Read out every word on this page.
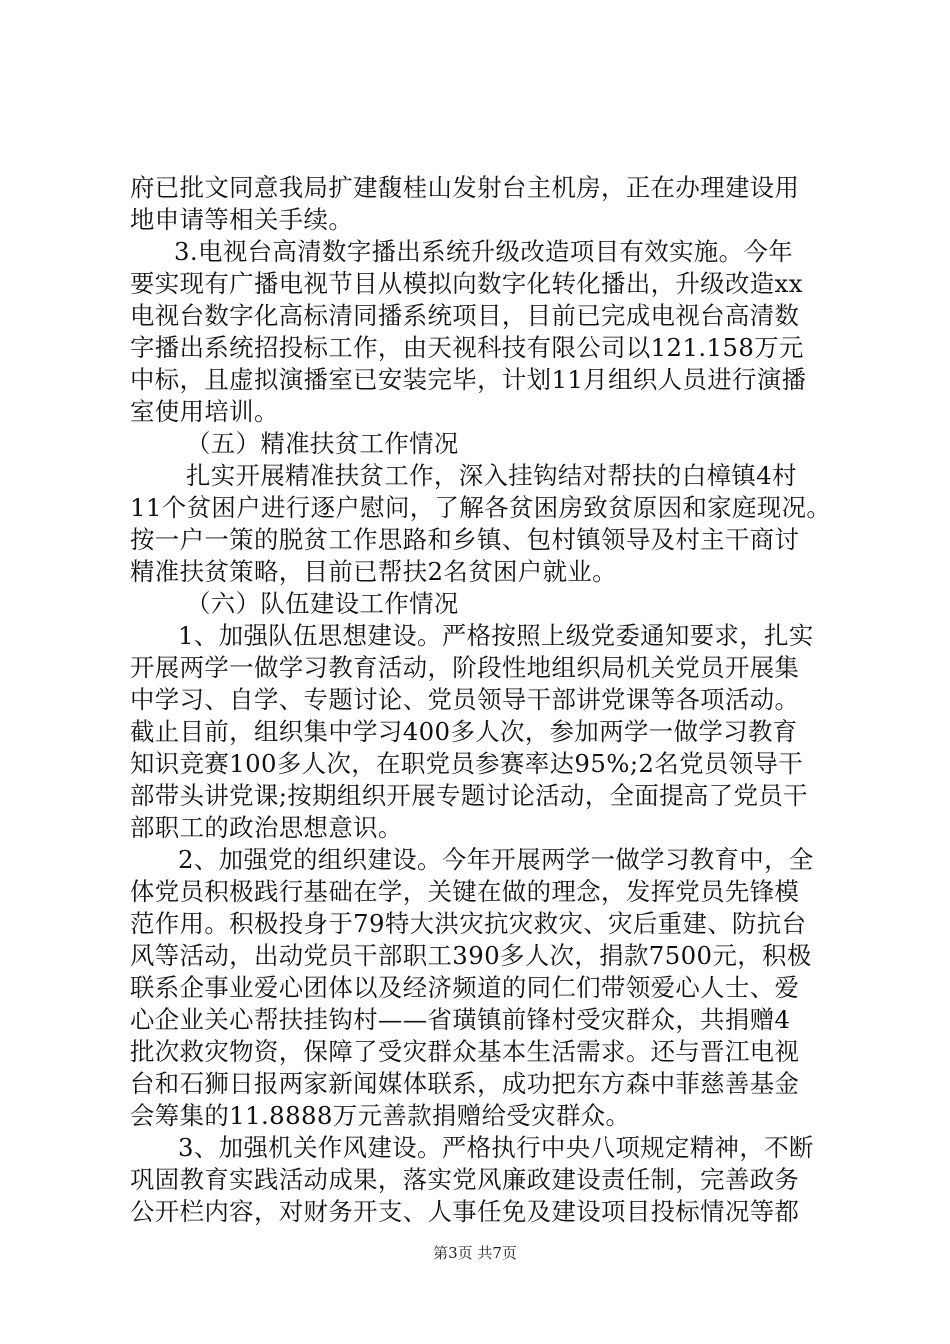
府已批文同意我局扩建馥桂山发射台主机房，正在办理建设用
地申请等相关手续。
3.电视台高清数字播出系统升级改造项目有效实施。今年
要实现有广播电视节目从模拟向数字化转化播出，升级改造xx
电视台数字化高标清同播系统项目，目前已完成电视台高清数
字播出系统招投标工作，由天视科技有限公司以121.158万元
中标，且虚拟演播室已安装完毕，计划11月组织人员进行演播
室使用培训。
（五）精准扶贫工作情况
扎实开展精准扶贫工作，深入挂钩结对帮扶的白樟镇4村
11个贫困户进行逐户慰问，了解各贫困房致贫原因和家庭现况。
按一户一策的脱贫工作思路和乡镇、包村镇领导及村主干商讨
精准扶贫策略，目前已帮扶2名贫困户就业。
（六）队伍建设工作情况
1、加强队伍思想建设。严格按照上级党委通知要求，扎实
开展两学一做学习教育活动，阶段性地组织局机关党员开展集
中学习、自学、专题讨论、党员领导干部讲党课等各项活动。
截止目前，组织集中学习400多人次，参加两学一做学习教育
知识竞赛100多人次，在职党员参赛率达95%;2名党员领导干
部带头讲党课;按期组织开展专题讨论活动，全面提高了党员干
部职工的政治思想意识。
2、加强党的组织建设。今年开展两学一做学习教育中，全
体党员积极践行基础在学，关键在做的理念，发挥党员先锋模
范作用。积极投身于79特大洪灾抗灾救灾、灾后重建、防抗台
风等活动，出动党员干部职工390多人次，捐款7500元，积极
联系企事业爱心团体以及经济频道的同仁们带领爱心人士、爱
心企业关心帮扶挂钩村——省璜镇前锋村受灾群众，共捐赠4
批次救灾物资，保障了受灾群众基本生活需求。还与晋江电视
台和石狮日报两家新闻媒体联系，成功把东方森中菲慈善基金
会筹集的11.8888万元善款捐赠给受灾群众。
3、加强机关作风建设。严格执行中央八项规定精神，不断
巩固教育实践活动成果，落实党风廉政建设责任制，完善政务
公开栏内容，对财务开支、人事任免及建设项目投标情况等都
第3页 共7页
